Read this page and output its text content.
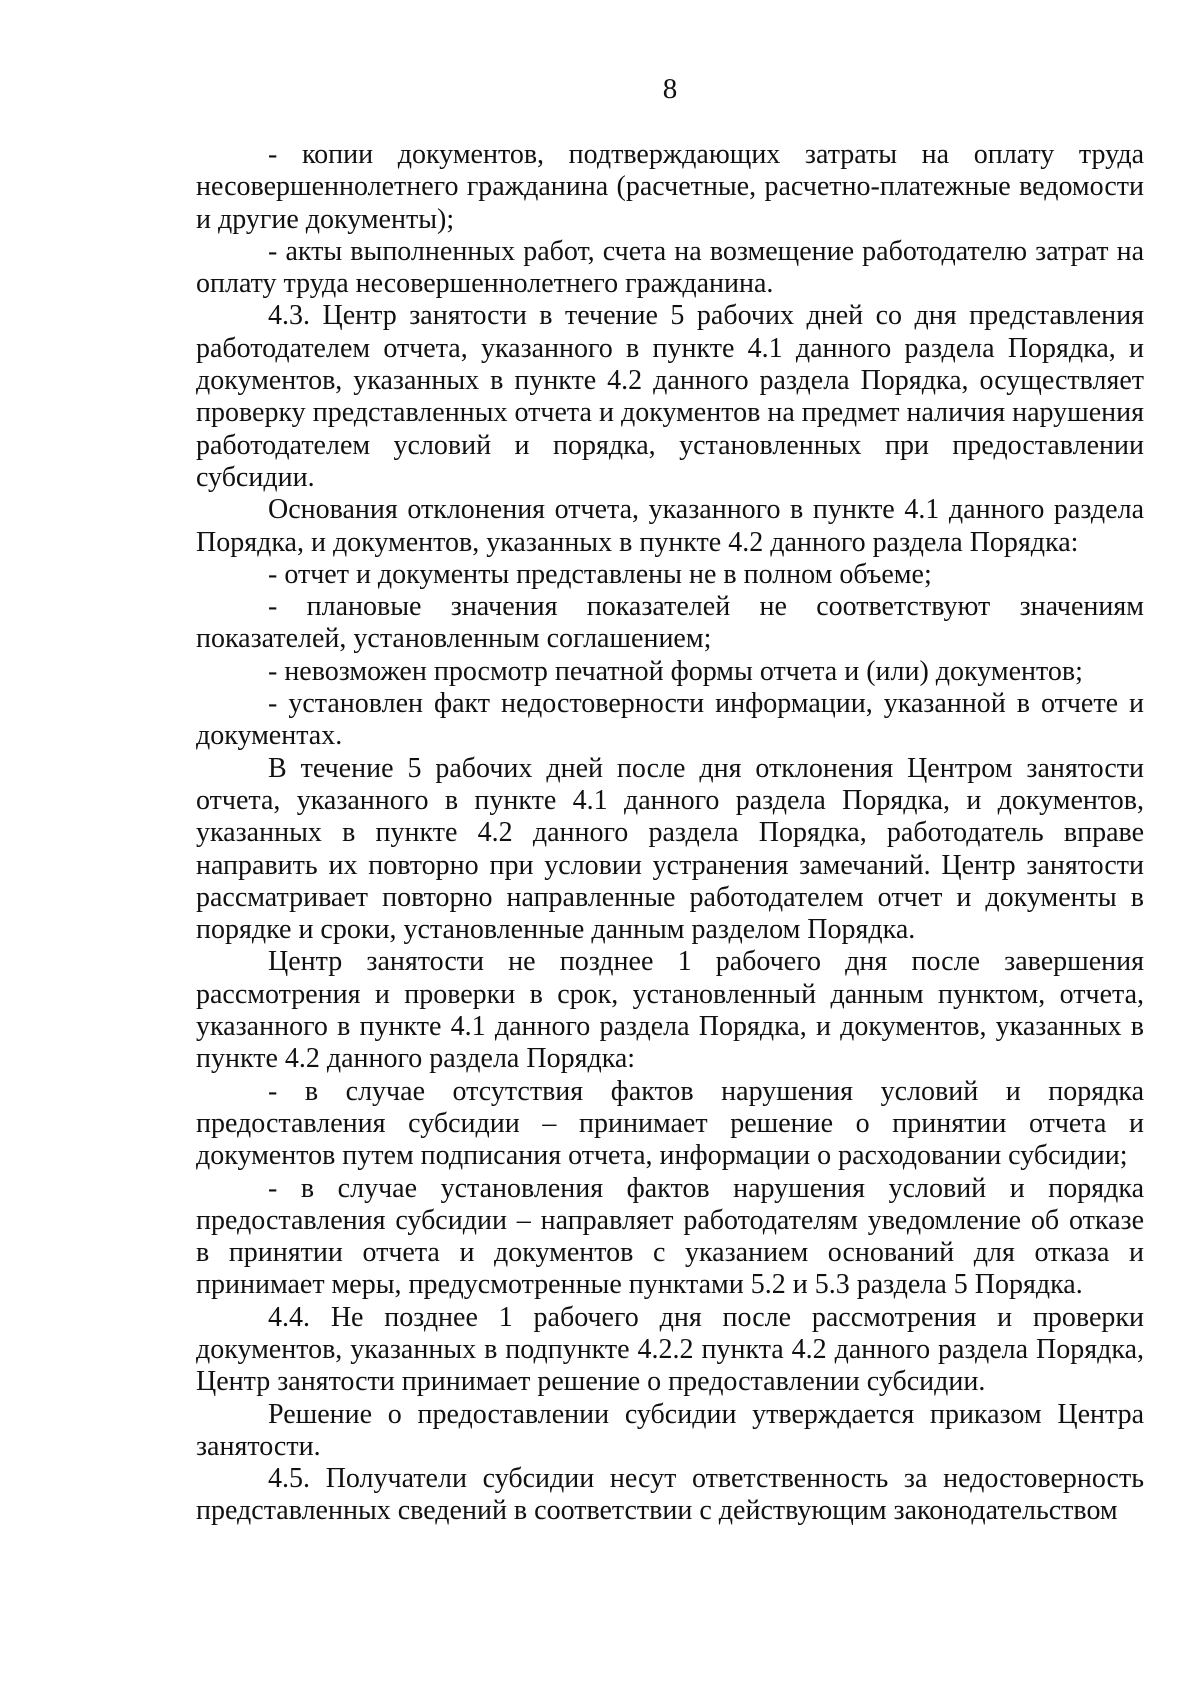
8

- копии документов, подтверждающих затраты на оплату труда несовершеннолетнего гражданина (расчетные, расчетно-платежные ведомости и другие документы);

- акты выполненных работ, счета на возмещение работодателю затрат на оплату труда несовершеннолетнего гражданина.

4.3. Центр занятости в течение 5 рабочих дней со дня представления работодателем отчета, указанного в пункте 4.1 данного раздела Порядка, и документов, указанных в пункте 4.2 данного раздела Порядка, осуществляет проверку представленных отчета и документов на предмет наличия нарушения работодателем условий и порядка, установленных при предоставлении субсидии.

Основания отклонения отчета, указанного в пункте 4.1 данного раздела Порядка, и документов, указанных в пункте 4.2 данного раздела Порядка:

- отчет и документы представлены не в полном объеме;

- плановые значения показателей не соответствуют значениям показателей, установленным соглашением;

- невозможен просмотр печатной формы отчета и (или) документов;

- установлен факт недостоверности информации, указанной в отчете и документах.

В течение 5 рабочих дней после дня отклонения Центром занятости отчета, указанного в пункте 4.1 данного раздела Порядка, и документов, указанных в пункте 4.2 данного раздела Порядка, работодатель вправе направить их повторно при условии устранения замечаний. Центр занятости рассматривает повторно направленные работодателем отчет и документы в порядке и сроки, установленные данным разделом Порядка.

Центр занятости не позднее 1 рабочего дня после завершения рассмотрения и проверки в срок, установленный данным пунктом, отчета, указанного в пункте 4.1 данного раздела Порядка, и документов, указанных в пункте 4.2 данного раздела Порядка:

- в случае отсутствия фактов нарушения условий и порядка предоставления субсидии – принимает решение о принятии отчета и документов путем подписания отчета, информации о расходовании субсидии;

- в случае установления фактов нарушения условий и порядка предоставления субсидии – направляет работодателям уведомление об отказе в принятии отчета и документов с указанием оснований для отказа и принимает меры, предусмотренные пунктами 5.2 и 5.3 раздела 5 Порядка.

4.4. Не позднее 1 рабочего дня после рассмотрения и проверки документов, указанных в подпункте 4.2.2 пункта 4.2 данного раздела Порядка, Центр занятости принимает решение о предоставлении субсидии.

Решение о предоставлении субсидии утверждается приказом Центра занятости.

4.5. Получатели субсидии несут ответственность за недостоверность представленных сведений в соответствии с действующим законодательством
